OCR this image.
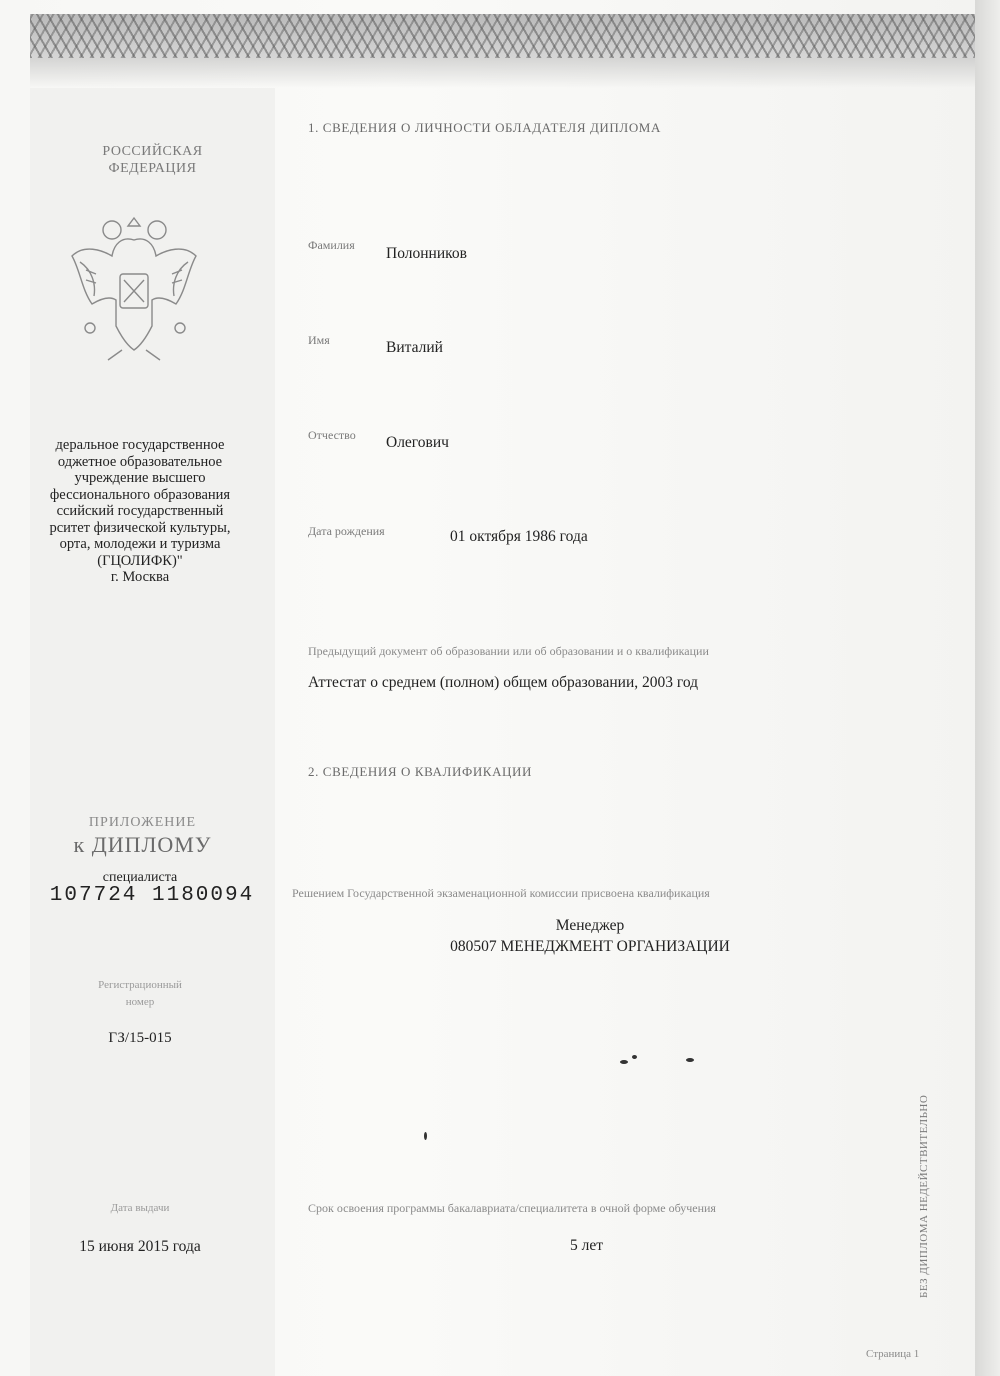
РОССИЙСКАЯ
ФЕДЕРАЦИЯ
деральное государственное
оджетное образовательное
учреждение высшего
фессионального образования
ссийский государственный
рситет физической культуры,
орта, молодежи и туризма
(ГЦОЛИФК)"
г. Москва
ПРИЛОЖЕНИЕ
к ДИПЛОМУ
специалиста
107724 1180094
Регистрационный
номер
ГЗ/15-015
Дата выдачи
15 июня 2015 года
1. СВЕДЕНИЯ О ЛИЧНОСТИ ОБЛАДАТЕЛЯ ДИПЛОМА
Фамилия Полонников
Имя	Виталий
Отчество Олегович
Дата рождения	01 октября 1986 года
Предыдущий документ об образовании или об образовании и о квалификации
Аттестат о среднем (полном) общем образовании, 2003 год
2. СВЕДЕНИЯ О КВАЛИФИКАЦИИ
Решением Государственной экзаменационной комиссии присвоена квалификация
Менеджер
080507 МЕНЕДЖМЕНТ ОРГАНИЗАЦИИ
Срок освоения программы бакалавриата/специалитета в очной форме обучения
5 лет	БЕЗ ДИПЛОМА НЕДЕЙСТВИТЕЛЬНО
Страница 1
